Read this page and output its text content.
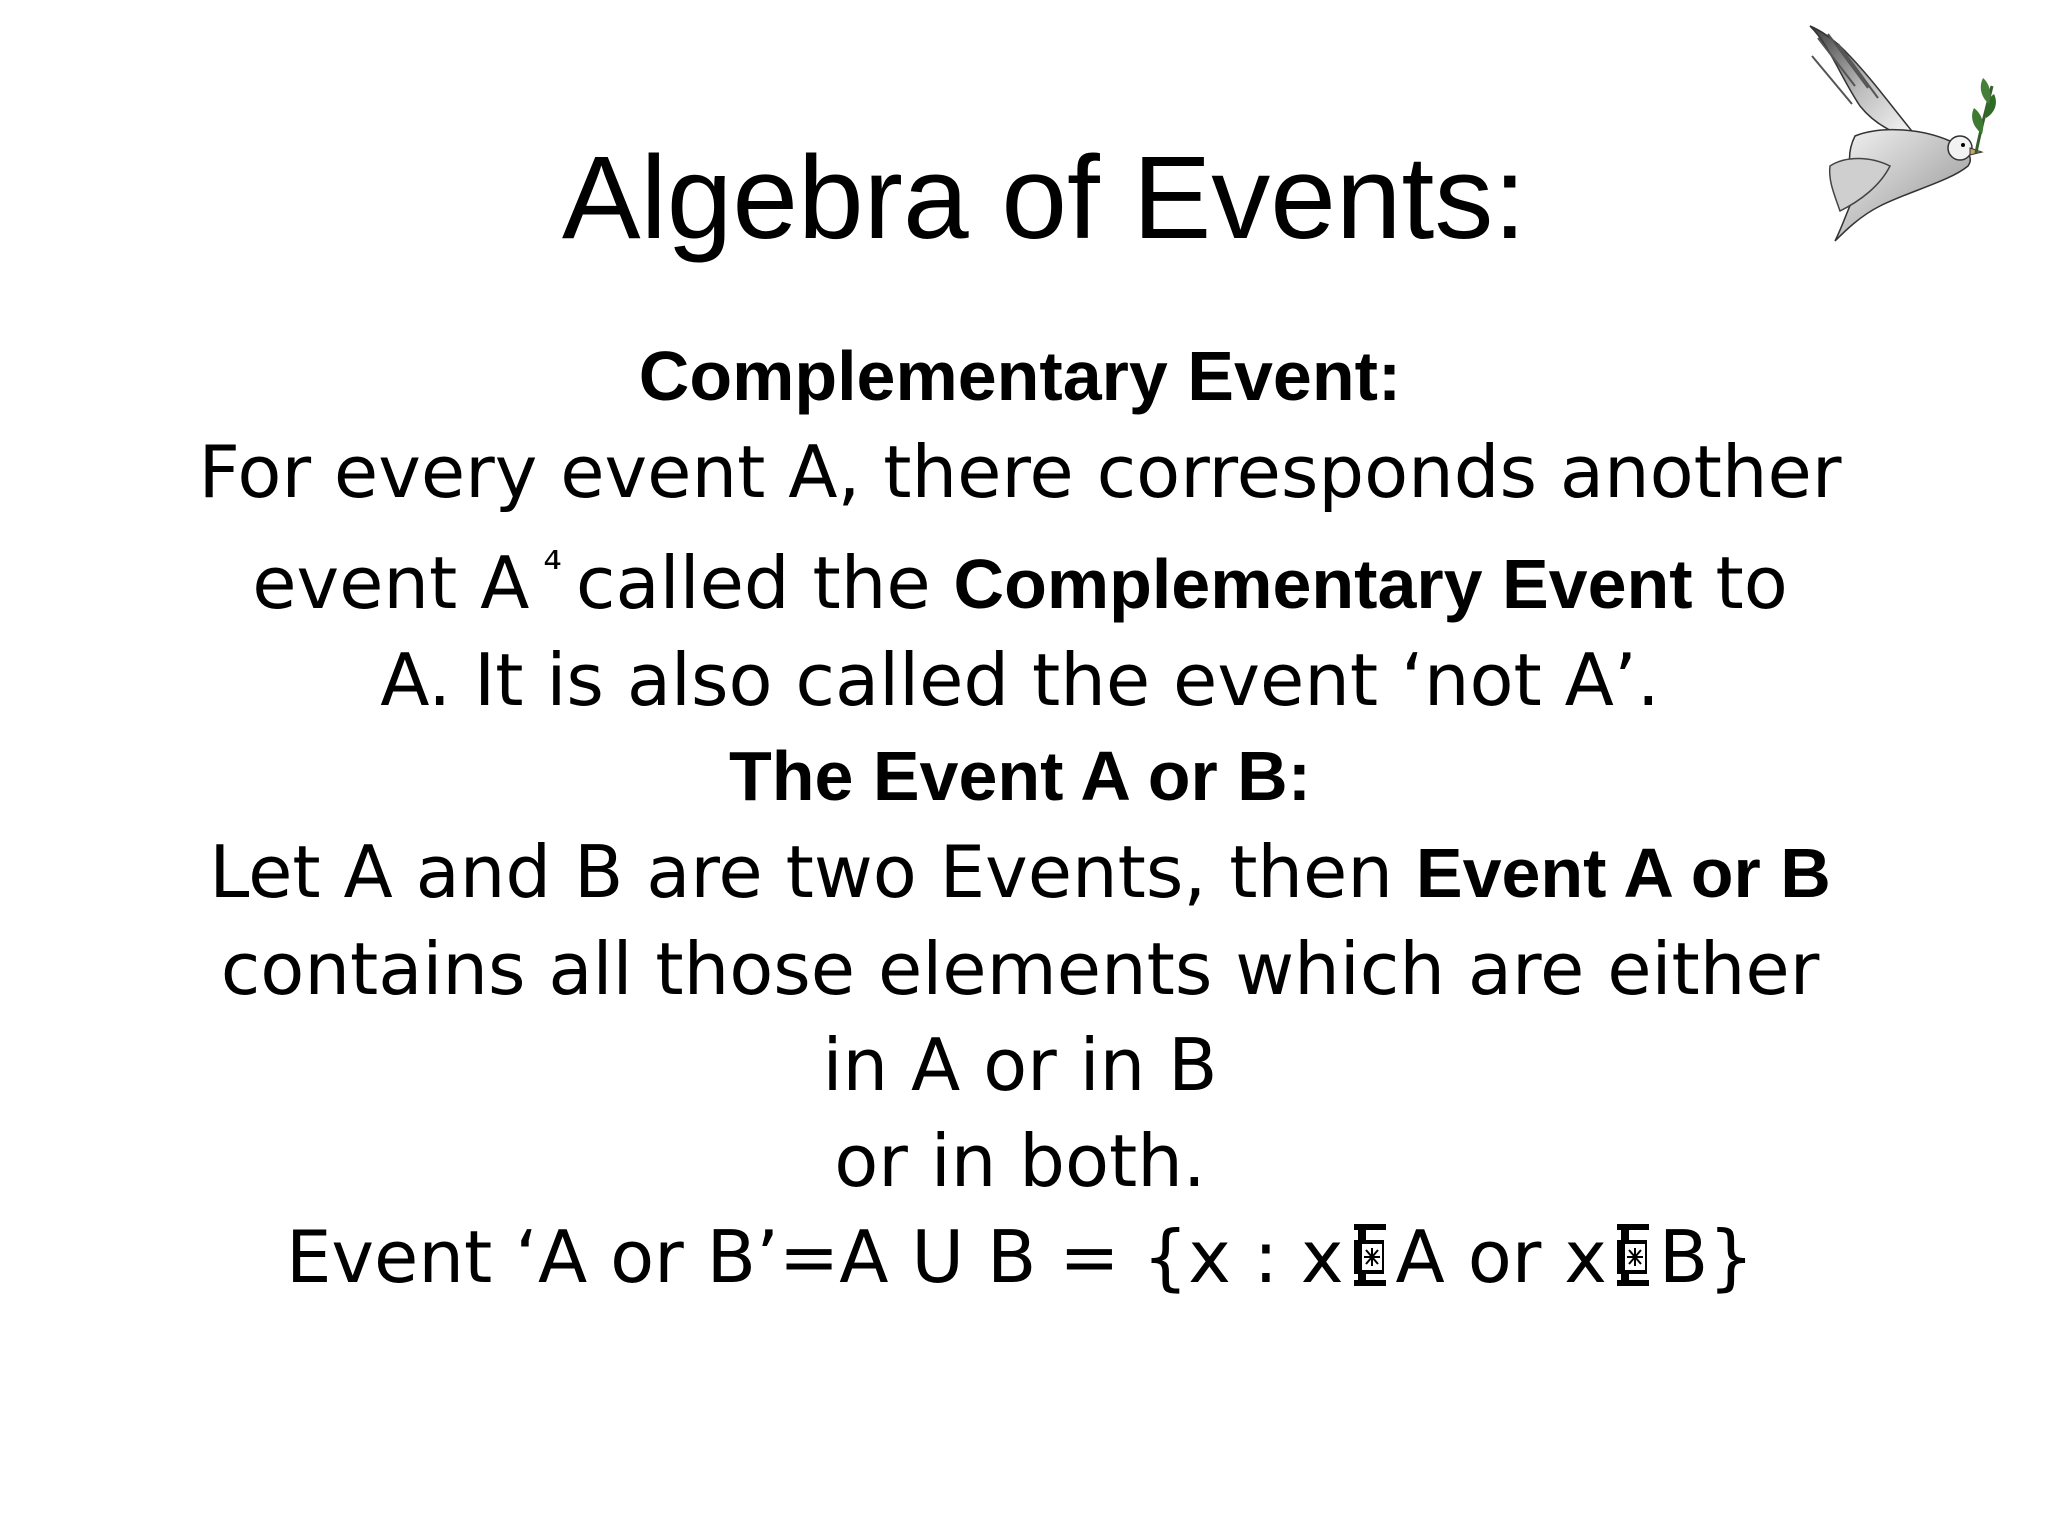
Algebra of Events:
Complementary Event:
For every event A, there corresponds another
event A $^{^4}$ called the Complementary Event to
A. It is also called the event ‘not A’.
The Event A or B:
Let A and B are two Events, then Event A or B
contains all those elements which are either
in A or in B
or in both.
Event ‘A or B’=A U B = {x : x A or x B}
